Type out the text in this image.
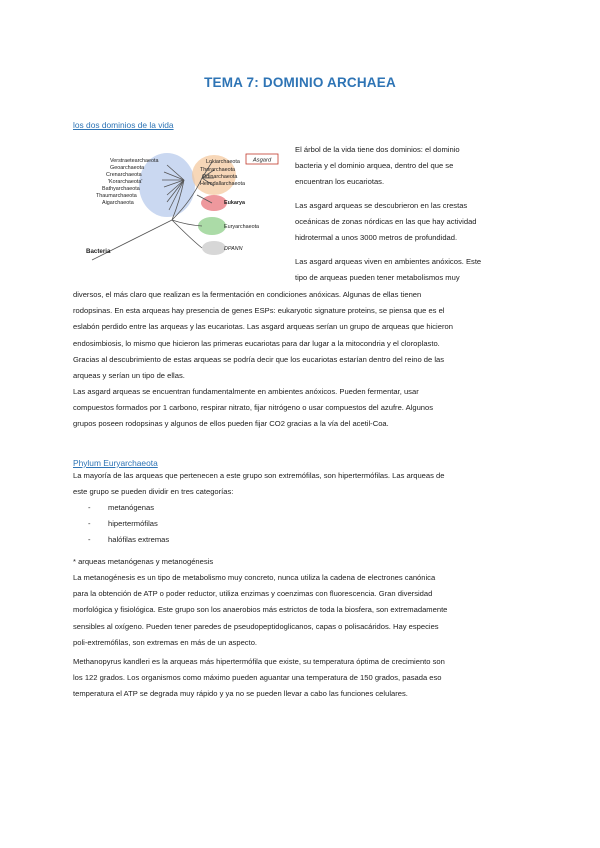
TEMA 7: DOMINIO ARCHAEA
los dos dominios de la vida
Verstraetearchaeota
Geoarchaeota
Crenarchaeota
'Korarchaeota'
Bathyarchaeota
Thaumarchaeota
Aigarchaeota
Lokiarchaeota
Thorarchaeota
Odinarchaeota
Heimdallarchaeota
Eukarya
Euryarchaeota
DPANN
Bacteria
Asgard
El árbol de la vida tiene dos dominios: el dominio
bacteria y el dominio arquea, dentro del que se
encuentran los eucariotas.
Las asgard arqueas se descubrieron en las crestas
oceánicas de zonas nórdicas en las que hay actividad
hidrotermal a unos 3000 metros de profundidad.
Las asgard arqueas viven en ambientes anóxicos. Este
tipo de arqueas pueden tener metabolismos muy
diversos, el más claro que realizan es la fermentación en condiciones anóxicas. Algunas de ellas tienen
rodopsinas. En esta arqueas hay presencia de genes ESPs: eukaryotic signature proteins, se piensa que es el
eslabón perdido entre las arqueas y las eucariotas. Las asgard arqueas serían un grupo de arqueas que hicieron
endosimbiosis, lo mismo que hicieron las primeras eucariotas para dar lugar a la mitocondria y el cloroplasto.
Gracias al descubrimiento de estas arqueas se podría decir que los eucariotas estarían dentro del reino de las
arqueas y serían un tipo de ellas.
Las asgard arqueas se encuentran fundamentalmente en ambientes anóxicos. Pueden fermentar, usar
compuestos formados por 1 carbono, respirar nitrato, fijar nitrógeno o usar compuestos del azufre. Algunos
grupos poseen rodopsinas y algunos de ellos pueden fijar CO2 gracias a la vía del acetil-Coa.
Phylum Euryarchaeota
La mayoría de las arqueas que pertenecen a este grupo son extremófilas, son hipertermófilas. Las arqueas de
este grupo se pueden dividir en tres categorías:
-	metanógenas
-	hipertermófilas
-	halófilas extremas
* arqueas metanógenas y metanogénesis
La metanogénesis es un tipo de metabolismo muy concreto, nunca utiliza la cadena de electrones canónica
para la obtención de ATP o poder reductor, utiliza enzimas y coenzimas con fluorescencia. Gran diversidad
morfológica y fisiológica. Este grupo son los anaerobios más estrictos de toda la biosfera, son extremadamente
sensibles al oxígeno. Pueden tener paredes de pseudopeptidoglicanos, capas o polisacáridos. Hay especies
poli-extremófilas, son extremas en más de un aspecto.
Methanopyrus kandleri es la arqueas más hipertermófila que existe, su temperatura óptima de crecimiento son
los 122 grados. Los organismos como máximo pueden aguantar una temperatura de 150 grados, pasada eso
temperatura el ATP se degrada muy rápido y ya no se pueden llevar a cabo las funciones celulares.
